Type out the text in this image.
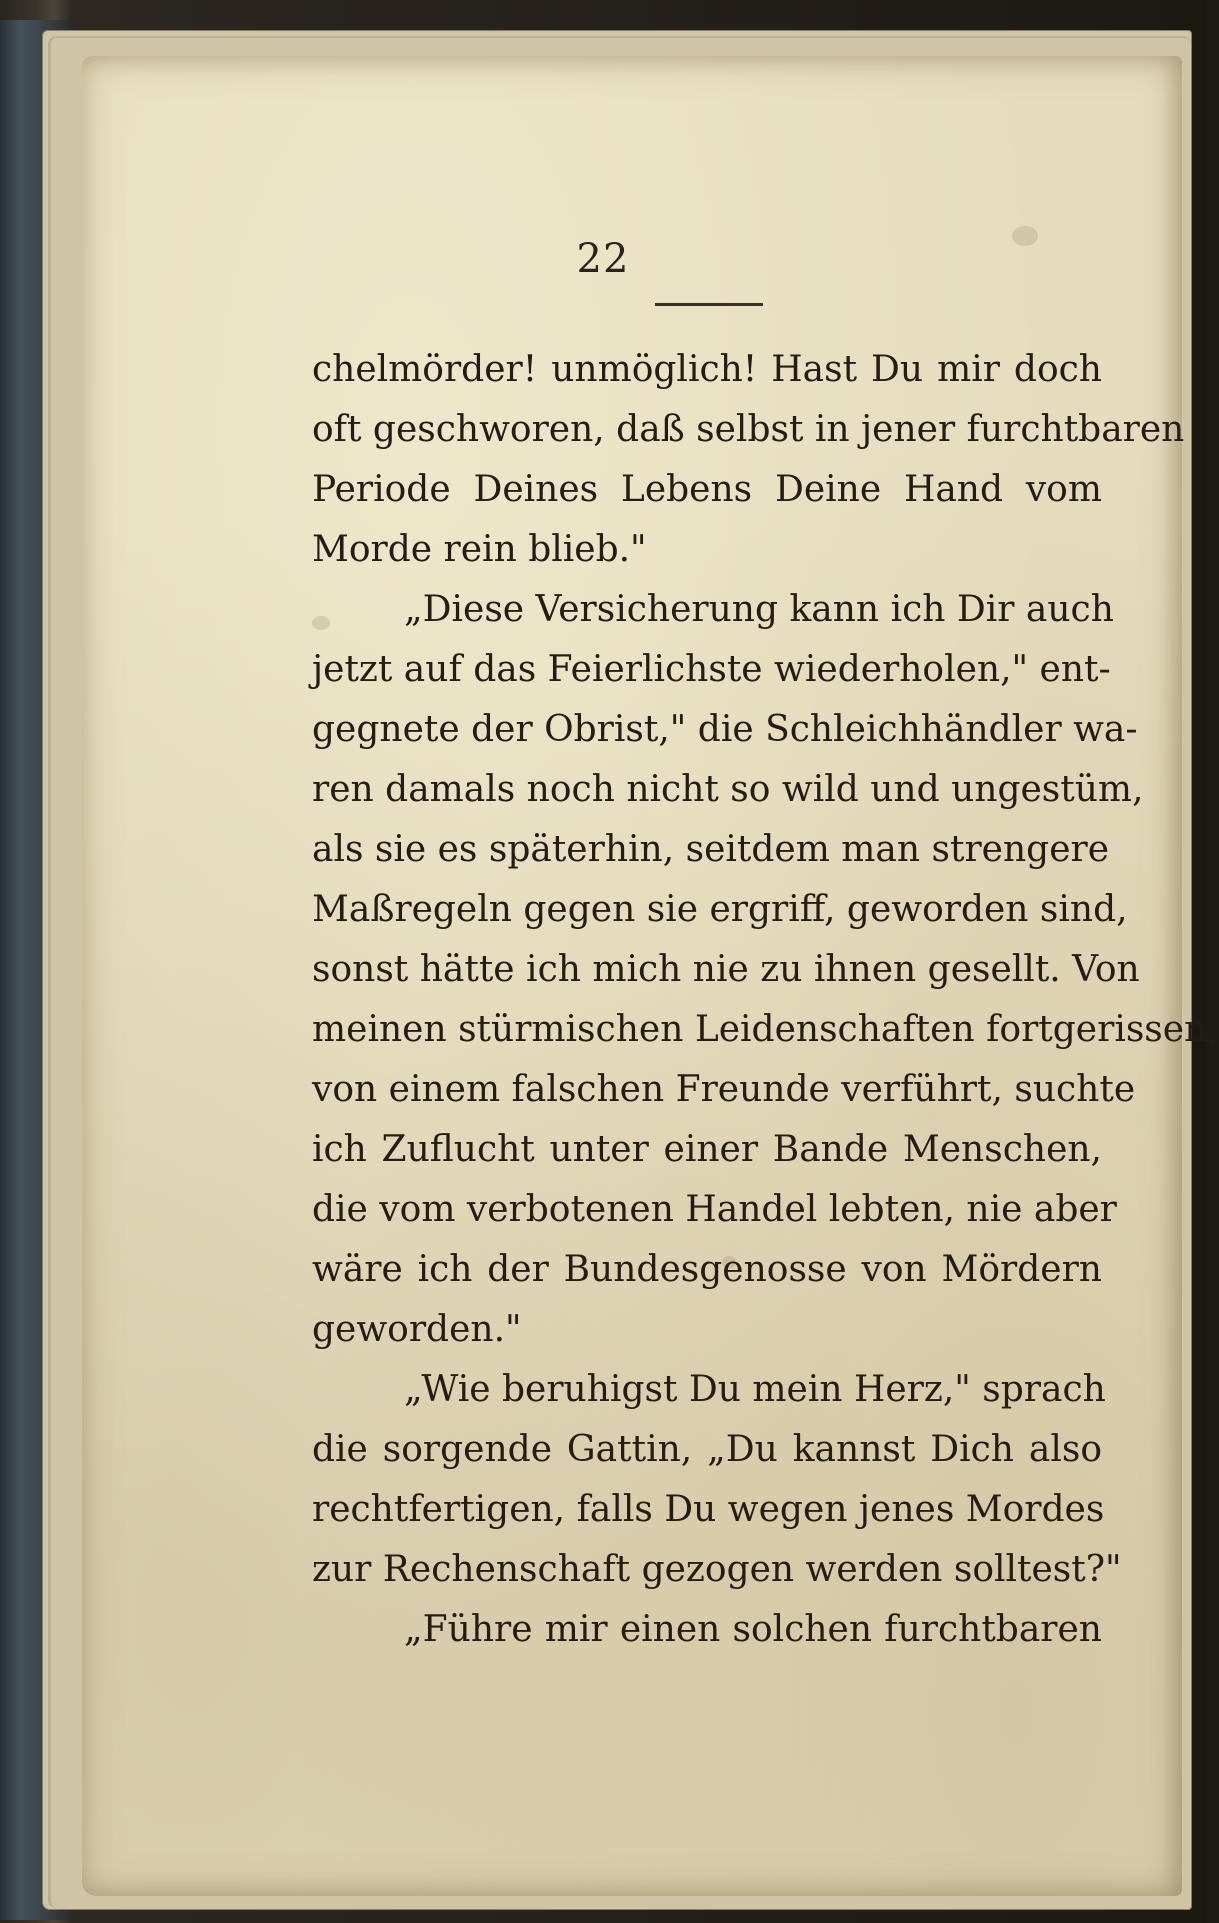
22
chelmörder! unmöglich! Hast Du mir doch
oft geschworen, daß selbst in jener furchtbaren
Periode Deines Lebens Deine Hand vom
Morde rein blieb."
„Diese Versicherung kann ich Dir auch
jetzt auf das Feierlichste wiederholen," ent-
gegnete der Obrist," die Schleichhändler wa-
ren damals noch nicht so wild und ungestüm,
als sie es späterhin, seitdem man strengere
Maßregeln gegen sie ergriff, geworden sind,
sonst hätte ich mich nie zu ihnen gesellt. Von
meinen stürmischen Leidenschaften fortgerissen,
von einem falschen Freunde verführt, suchte
ich Zuflucht unter einer Bande Menschen,
die vom verbotenen Handel lebten, nie aber
wäre ich der Bundesgenosse von Mördern
geworden."
„Wie beruhigst Du mein Herz," sprach
die sorgende Gattin, „Du kannst Dich also
rechtfertigen, falls Du wegen jenes Mordes
zur Rechenschaft gezogen werden solltest?"
„Führe mir einen solchen furchtbaren
